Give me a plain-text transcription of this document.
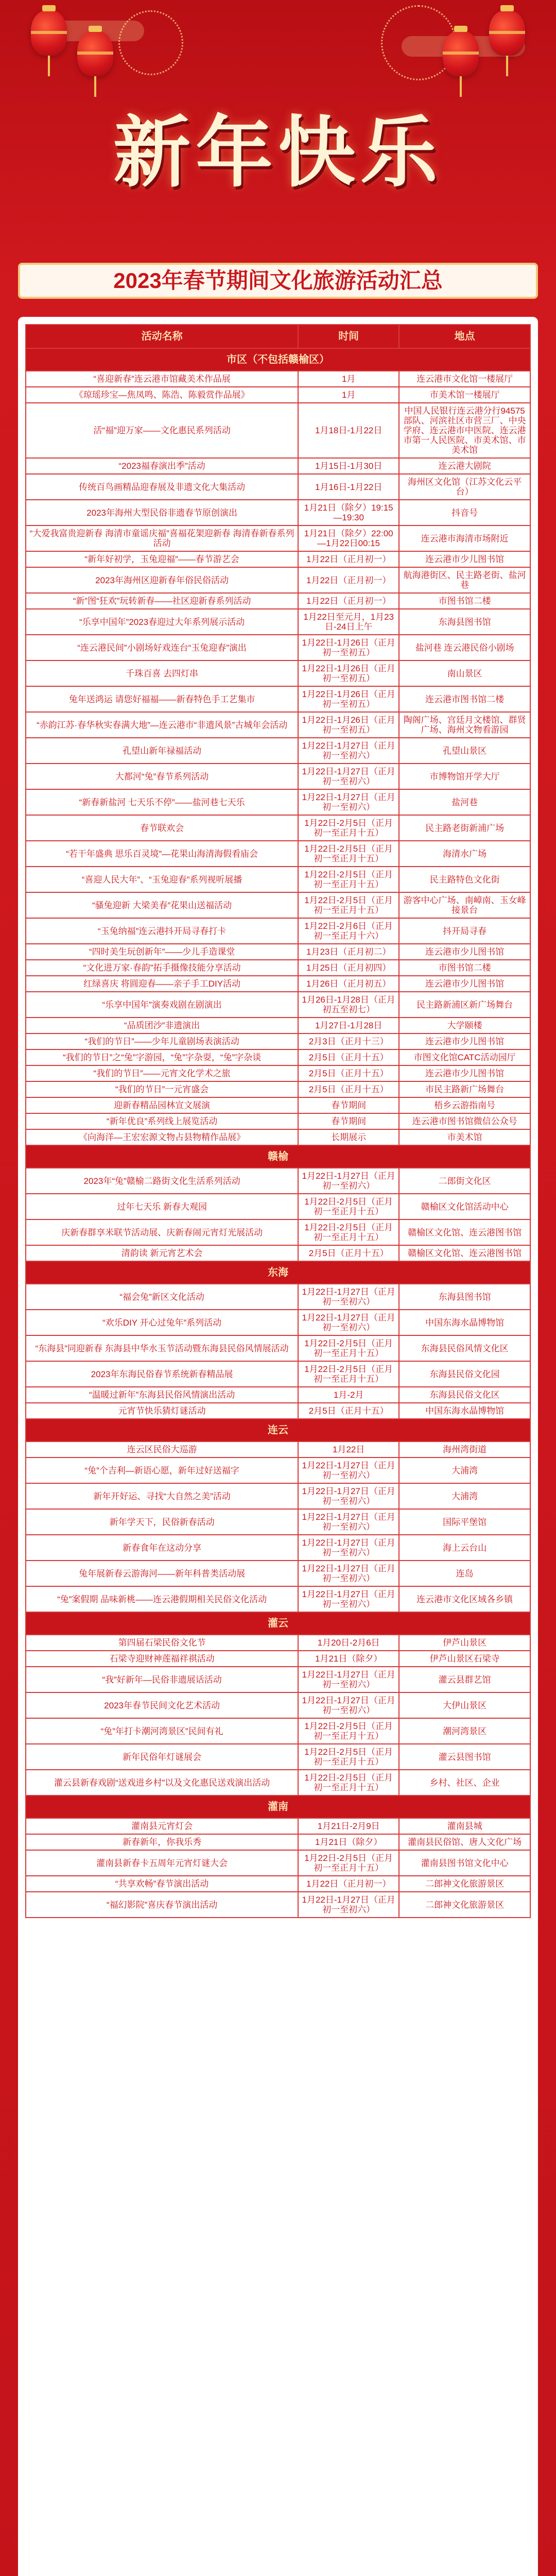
新年快乐
2023年春节期间文化旅游活动汇总
活动名称	时间	地点
市区（不包括赣榆区）		
“喜迎新春”连云港市馆藏美术作品展	1月	连云港市文化馆一楼展厅
《琼瑶珍宝—焦凤鸣、陈浩、陈毅赏作品展》	1月	市美术馆一楼展厅
活“福”迎万家——文化惠民系列活动	1月18日-1月22日	中国人民银行连云港分行94575部队、河滨社区市营三厂、中央学府、连云港市中医院、连云港市第一人民医院、市美术馆、市美术馆
“2023福春演出季”活动	1月15日-1月30日	连云港大剧院
传统百鸟画精品迎春展及非遗文化大集活动	1月16日-1月22日	海州区文化馆（江苏文化云平台）
2023年海州大型民俗非遗春节原创演出	1月21日（除夕）19:15—19:30	抖音号
“大爱我富贵迎新春 海清市童谣庆福”喜福花架迎新春 海清春新春系列活动	1月21日（除夕）22:00—1月22日00:15	连云港市海清市场附近
“新年好初学，玉兔迎福”——春节游艺会	1月22日（正月初一）	连云港市少儿图书馆
2023年海州区迎新春年俗民俗活动	1月22日（正月初一）	航海港街区、民主路老街、盐河巷
“新”图“狂欢”玩转新春——社区迎新春系列活动	1月22日（正月初一）	市图书馆二楼
“乐享中国年”2023春迎过大年系列展示活动	1月22日至元月，1月23日-24日上午	东海县图书馆
“连云港民间”小剧场好戏连台“玉兔迎春”演出	1月22日-1月26日（正月初一至初五）	盐河巷 连云港民俗小剧场
千珠百喜 去四灯串	1月22日-1月26日（正月初一至初五）	南山景区
兔年送鸿运 请您好福福——新春特色手工艺集市	1月22日-1月26日（正月初一至初五）	连云港市图书馆二楼
“赤韵江苏·春华秋实春满大地”—连云港市“非遗风景”古城年会活动	1月22日-1月26日（正月初一至初五）	陶阁广场、宫廷月文楼馆、群贤广场、海州文物看游园
孔望山新年禄福活动	1月22日-1月27日（正月初一至初六）	孔望山景区
大都河“兔”春节系列活动	1月22日-1月27日（正月初一至初六）	市博物馆开学大厅
“新春新盐河 七天乐不停”——盐河巷七天乐	1月22日-1月27日（正月初一至初六）	盐河巷
春节联欢会	1月22日-2月5日（正月初一至正月十五）	民主路老街新浦广场
“若干年盛典 思乐百灵境”—花果山海清海假看庙会	1月22日-2月5日（正月初一至正月十五）	海清水广场
“喜迎人民大年”、“玉兔迎春”系列视听展播	1月22日-2月5日（正月初一至正月十五）	民主路特色文化街
“骚兔迎新 大梁美春”花果山送福活动	1月22日-2月5日（正月初一至正月十五）	游客中心广场、南嶂南、玉女峰接景台
“玉兔纳福”连云港抖开局寻春打卡	1月22日-2月6日（正月初一至正月十六）	抖开局寻春
“四时美生玩创新年”——少儿手造课堂	1月23日（正月初二）	连云港市少儿图书馆
“文化进万家·春韵”拓手摄像技能分享活动	1月25日（正月初四）	市图书馆二楼
红绿喜庆 将圆迎春——亲子手工DIY活动	1月26日（正月初五）	连云港市少儿图书馆
“乐享中国年”演奏戏剧在剧演出	1月26日-1月28日（正月初五至初七）	民主路新浦区新广场舞台
“品质团沙”非遗演出	1月27日-1月28日	大学颐楼
“我们的节日”——少年儿童剧场表演活动	2月3日（正月十三）	连云港市少儿图书馆
“我们的节日”之“兔”字游园，“兔”字杂耍，“兔”字杂谈	2月5日（正月十五）	市图文化馆CATC活动园厅
“我们的节日”——元宵文化学术之旅	2月5日（正月十五）	连云港市少儿图书馆
“我们的节日”一元宵盛会	2月5日（正月十五）	市民主路新广场舞台
迎新春精品园林宣文展演	春节期间	梧乡云游指南号
“新年优良”系列线上展览活动	春节期间	连云港市图书馆微信公众号
《向海洋—王宏宏源文物占县物精作品展》	长期展示	市美术馆
赣榆		
2023年“兔”赣榆二路街文化生活系列活动	1月22日-1月27日（正月初一至初六）	二郎街文化区
过年七天乐 新春大观园	1月22日-2月5日（正月初一至正月十五）	赣榆区文化馆活动中心
庆新春群享米联节活动展、庆新春闹元宵灯光展活动	1月22日-2月5日（正月初一至正月十五）	赣榆区文化馆、连云港图书馆
清韵读 新元宵艺术会	2月5日（正月十五）	赣榆区文化馆、连云港图书馆
东海		
“福会兔”新区文化活动	1月22日-1月27日（正月初一至初六）	东海县图书馆
“欢乐DIY 开心过兔年”系列活动	1月22日-1月27日（正月初一至初六）	中国东海水晶博物馆
“东海县”同迎新春 东海县中华水玉节活动暨东海县民俗风情展活动	1月22日-2月5日（正月初一至正月十五）	东海县民俗风情文化区
2023年东海民俗春节系统新春精品展	1月22日-2月5日（正月初一至正月十五）	东海县民俗文化园
“温暖过新年”东海县民俗风情演出活动	1月-2月	东海县民俗文化区
元宵节快乐猜灯谜活动	2月5日（正月十五）	中国东海水晶博物馆
连云		
连云区民俗大巡游	1月22日	海州湾街道
“兔”个吉利—新语心愿，新年过好送福字	1月22日-1月27日（正月初一至初六）	大浦湾
新年开好运、寻找“大自然之美”活动	1月22日-1月27日（正月初一至初六）	大浦湾
新年学天下，民俗新春活动	1月22日-1月27日（正月初一至初六）	国际平堡馆
新春食年在这动分享	1月22日-1月27日（正月初一至初六）	海上云台山
兔年展新春云游海河——新年科普类活动展	1月22日-1月27日（正月初一至初六）	连岛
“兔”案假期 品味新桃——连云港假期相关民俗文化活动	1月22日-1月27日（正月初一至初六）	连云港市文化区域各乡镇
灌云		
第四届石梁民俗文化节	1月20日-2月6日	伊芦山景区
石梁寺迎财神莲福祥祺活动	1月21日（除夕）	伊芦山景区石梁寺
“我”好新年—民俗非遗展话活动	1月22日-1月27日（正月初一至初六）	灌云县群艺馆
2023年春节民间文化艺术活动	1月22日-1月27日（正月初一至初六）	大伊山景区
“兔”年打卡潮河湾景区”民间有礼	1月22日-2月5日（正月初一至正月十五）	潮河湾景区
新年民俗年灯谜展会	1月22日-2月5日（正月初一至正月十五）	灌云县图书馆
灌云县新春戏剧“送戏进乡村”以及文化惠民送戏演出活动	1月22日-2月5日（正月初一至正月十五）	乡村、社区、企业
灌南		
灌南县元宵灯会	1月21日-2月9日	灌南县城
新春新年，你我乐秀	1月21日（除夕）	灌南县民俗馆、唐人文化广场
灌南县新春卡五周年元宵灯谜大会	1月22日-2月5日（正月初一至正月十五）	灌南县图书馆文化中心
“共享欢畅”春节演出活动	1月22日（正月初一）	二郎神文化旅游景区
“福幻影院”喜庆春节演出活动	1月22日-1月27日（正月初一至初六）	二郎神文化旅游景区
